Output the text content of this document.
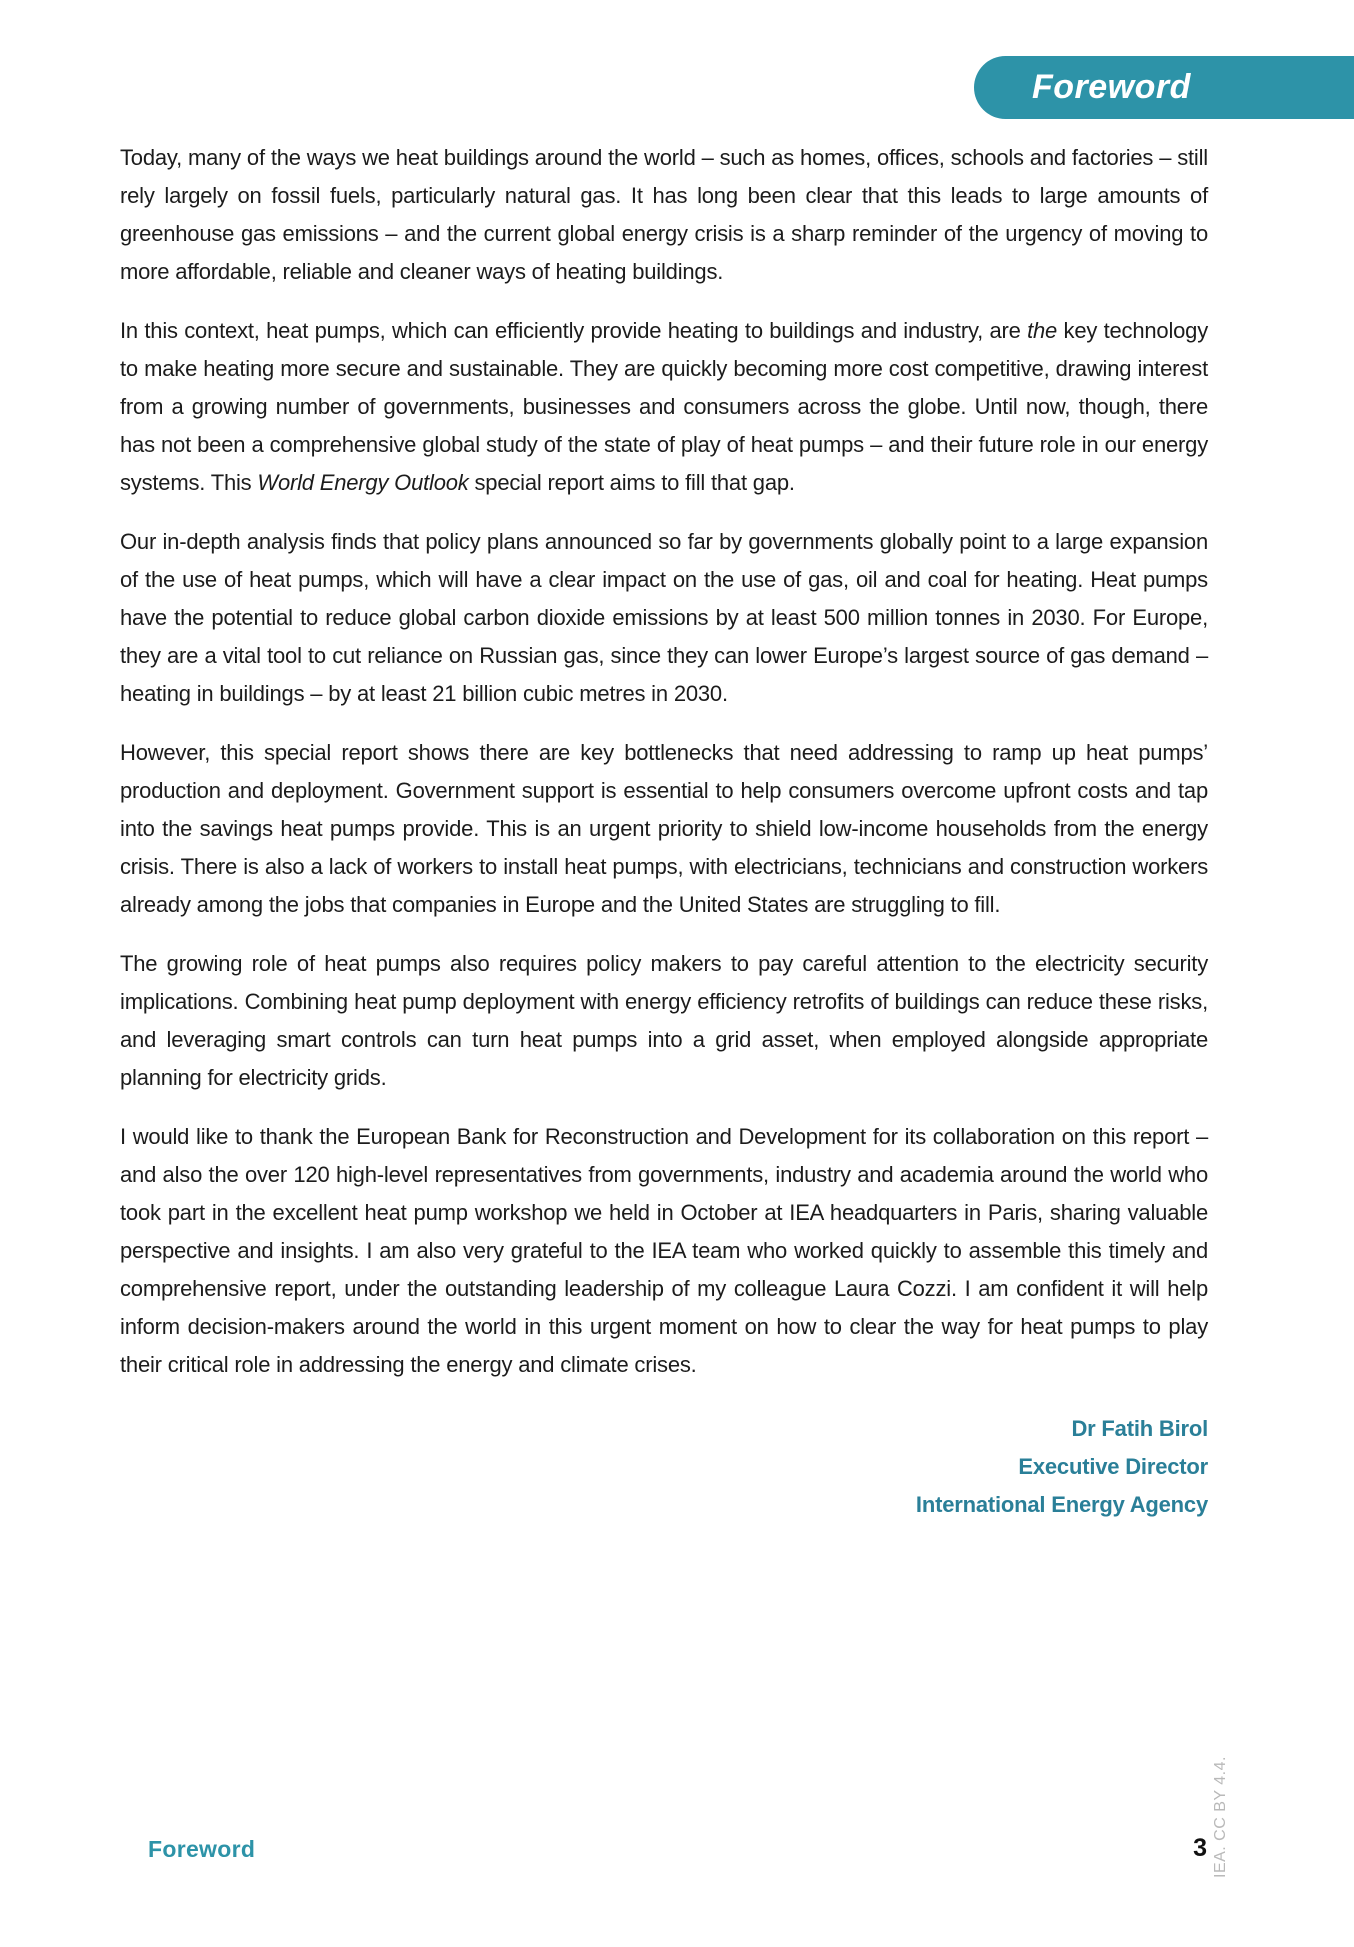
Foreword

Today, many of the ways we heat buildings around the world – such as homes, offices, schools and factories – still rely largely on fossil fuels, particularly natural gas. It has long been clear that this leads to large amounts of greenhouse gas emissions – and the current global energy crisis is a sharp reminder of the urgency of moving to more affordable, reliable and cleaner ways of heating buildings.

In this context, heat pumps, which can efficiently provide heating to buildings and industry, are the key technology to make heating more secure and sustainable. They are quickly becoming more cost competitive, drawing interest from a growing number of governments, businesses and consumers across the globe. Until now, though, there has not been a comprehensive global study of the state of play of heat pumps – and their future role in our energy systems. This World Energy Outlook special report aims to fill that gap.

Our in-depth analysis finds that policy plans announced so far by governments globally point to a large expansion of the use of heat pumps, which will have a clear impact on the use of gas, oil and coal for heating. Heat pumps have the potential to reduce global carbon dioxide emissions by at least 500 million tonnes in 2030. For Europe, they are a vital tool to cut reliance on Russian gas, since they can lower Europe’s largest source of gas demand – heating in buildings – by at least 21 billion cubic metres in 2030.

However, this special report shows there are key bottlenecks that need addressing to ramp up heat pumps’ production and deployment. Government support is essential to help consumers overcome upfront costs and tap into the savings heat pumps provide. This is an urgent priority to shield low-income households from the energy crisis. There is also a lack of workers to install heat pumps, with electricians, technicians and construction workers already among the jobs that companies in Europe and the United States are struggling to fill.

The growing role of heat pumps also requires policy makers to pay careful attention to the electricity security implications. Combining heat pump deployment with energy efficiency retrofits of buildings can reduce these risks, and leveraging smart controls can turn heat pumps into a grid asset, when employed alongside appropriate planning for electricity grids.

I would like to thank the European Bank for Reconstruction and Development for its collaboration on this report – and also the over 120 high-level representatives from governments, industry and academia around the world who took part in the excellent heat pump workshop we held in October at IEA headquarters in Paris, sharing valuable perspective and insights. I am also very grateful to the IEA team who worked quickly to assemble this timely and comprehensive report, under the outstanding leadership of my colleague Laura Cozzi. I am confident it will help inform decision-makers around the world in this urgent moment on how to clear the way for heat pumps to play their critical role in addressing the energy and climate crises.

Dr Fatih Birol
Executive Director
International Energy Agency
IEA. CC BY 4.4.
Foreword	3
